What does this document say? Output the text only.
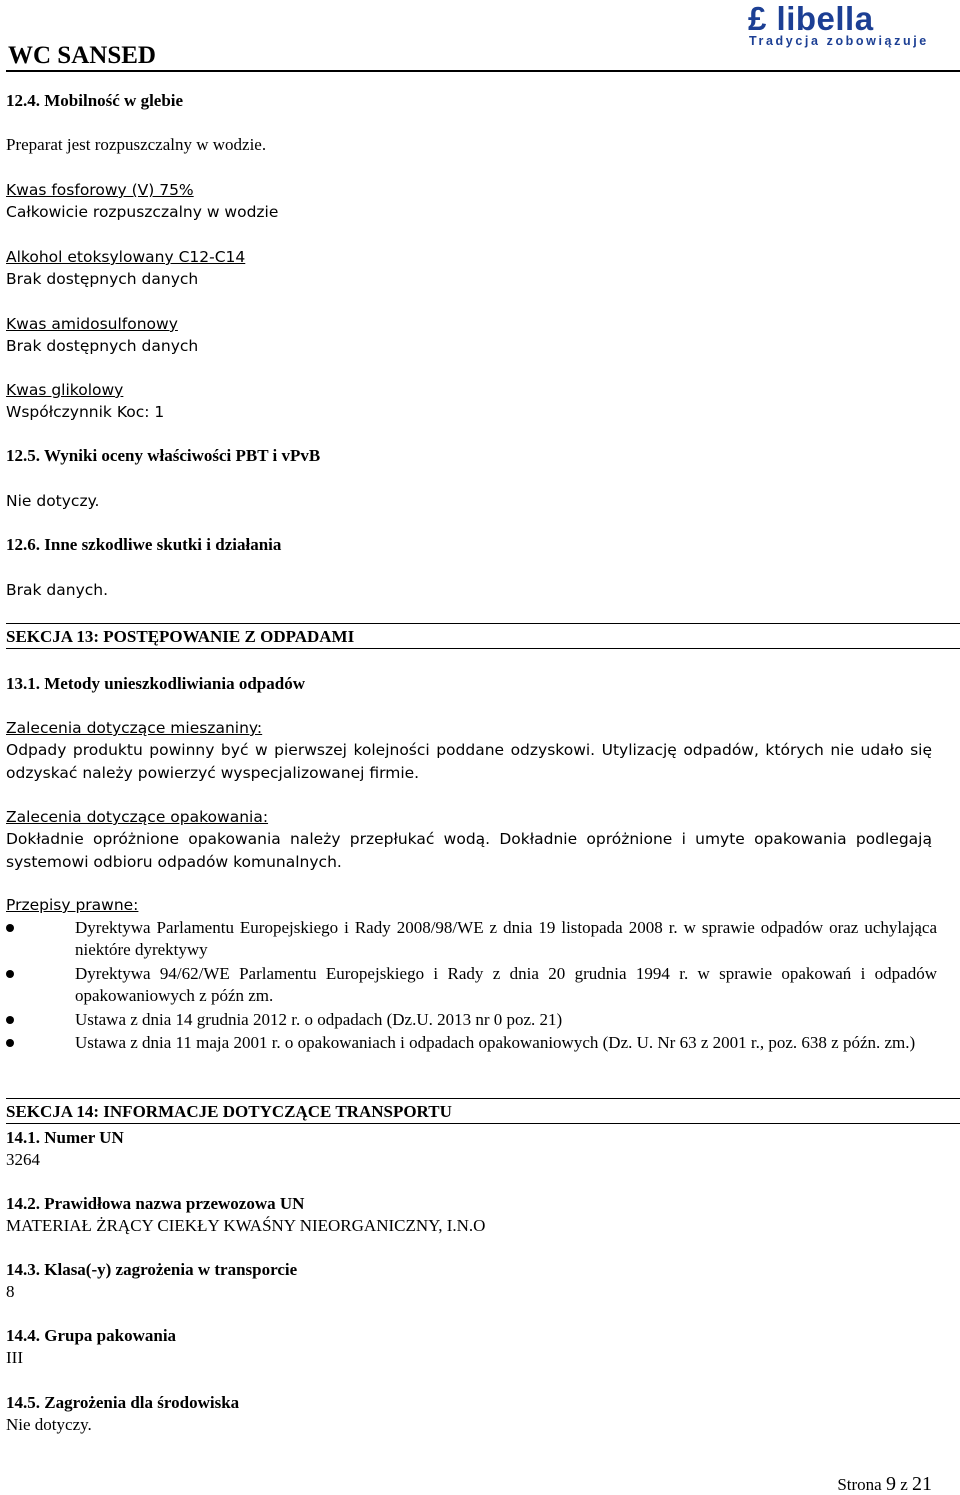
WC SANSED
£ libella
Tradycja zobowiązuje
12.4. Mobilność w glebie
Preparat jest rozpuszczalny w wodzie.
Kwas fosforowy (V) 75%
Całkowicie rozpuszczalny w wodzie
Alkohol etoksylowany C12-C14
Brak dostępnych danych
Kwas amidosulfonowy
Brak dostępnych danych
Kwas glikolowy
Współczynnik Koc: 1
12.5. Wyniki oceny właściwości PBT i vPvB
Nie dotyczy.
12.6. Inne szkodliwe skutki i działania
Brak danych.
SEKCJA 13: POSTĘPOWANIE Z ODPADAMI
13.1. Metody unieszkodliwiania odpadów
Zalecenia dotyczące mieszaniny:
Odpady produktu powinny być w pierwszej kolejności poddane odzyskowi. Utylizację odpadów, których nie udało się odzyskać należy powierzyć wyspecjalizowanej firmie.
Zalecenia dotyczące opakowania:
Dokładnie opróżnione opakowania należy przepłukać wodą. Dokładnie opróżnione i umyte opakowania podlegają systemowi odbioru odpadów komunalnych.
Przepisy prawne:
Dyrektywa Parlamentu Europejskiego i Rady 2008/98/WE z dnia 19 listopada 2008 r. w sprawie odpadów oraz uchylająca niektóre dyrektywy
Dyrektywa 94/62/WE Parlamentu Europejskiego i Rady z dnia 20 grudnia 1994 r. w sprawie opakowań i odpadów opakowaniowych z późn zm.
Ustawa z dnia 14 grudnia 2012 r. o odpadach (Dz.U. 2013 nr 0 poz. 21)
Ustawa z dnia 11 maja 2001 r. o opakowaniach i odpadach opakowaniowych (Dz. U. Nr 63 z 2001 r., poz. 638 z późn. zm.)
SEKCJA 14: INFORMACJE DOTYCZĄCE TRANSPORTU
14.1. Numer UN
3264
14.2. Prawidłowa nazwa przewozowa UN
MATERIAŁ ŻRĄCY CIEKŁY KWAŚNY NIEORGANICZNY, I.N.O
14.3. Klasa(-y) zagrożenia w transporcie
8
14.4. Grupa pakowania
III
14.5. Zagrożenia dla środowiska
Nie dotyczy.
Strona 9 z 21
